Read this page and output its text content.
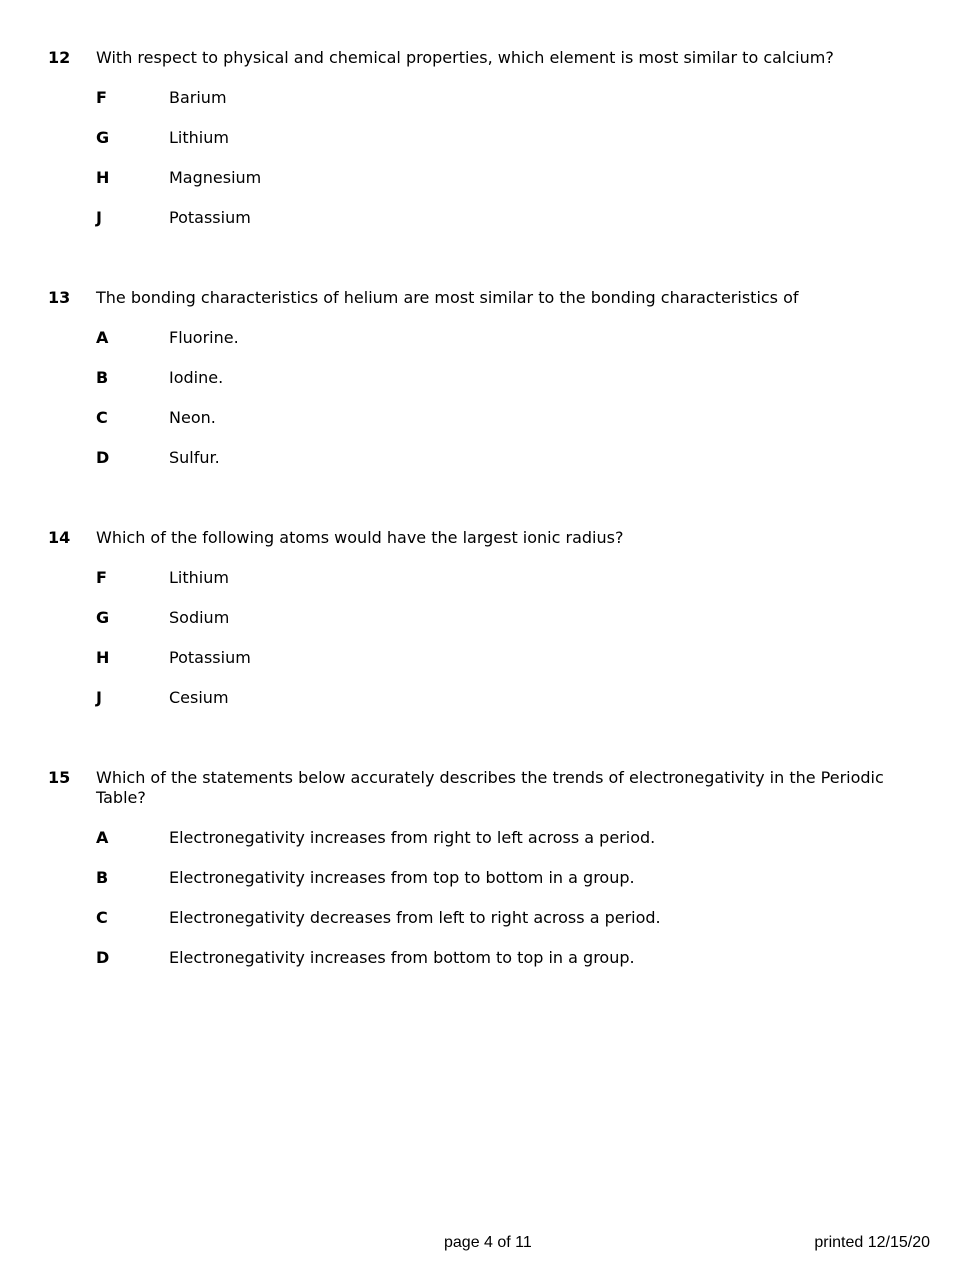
12	With respect to physical and chemical properties, which element is most similar to calcium?
F	Barium
G	Lithium
H	Magnesium
J	Potassium
13	The bonding characteristics of helium are most similar to the bonding characteristics of
A	Fluorine.
B	Iodine.
C	Neon.
D	Sulfur.
14	Which of the following atoms would have the largest ionic radius?
F	Lithium
G	Sodium
H	Potassium
J	Cesium
15	Which of the statements below accurately describes the trends of electronegativity in the Periodic Table?
A	Electronegativity increases from right to left across a period.
B	Electronegativity increases from top to bottom in a group.
C	Electronegativity decreases from left to right across a period.
D	Electronegativity increases from bottom to top in a group.
page 4 of 11	printed 12/15/20
